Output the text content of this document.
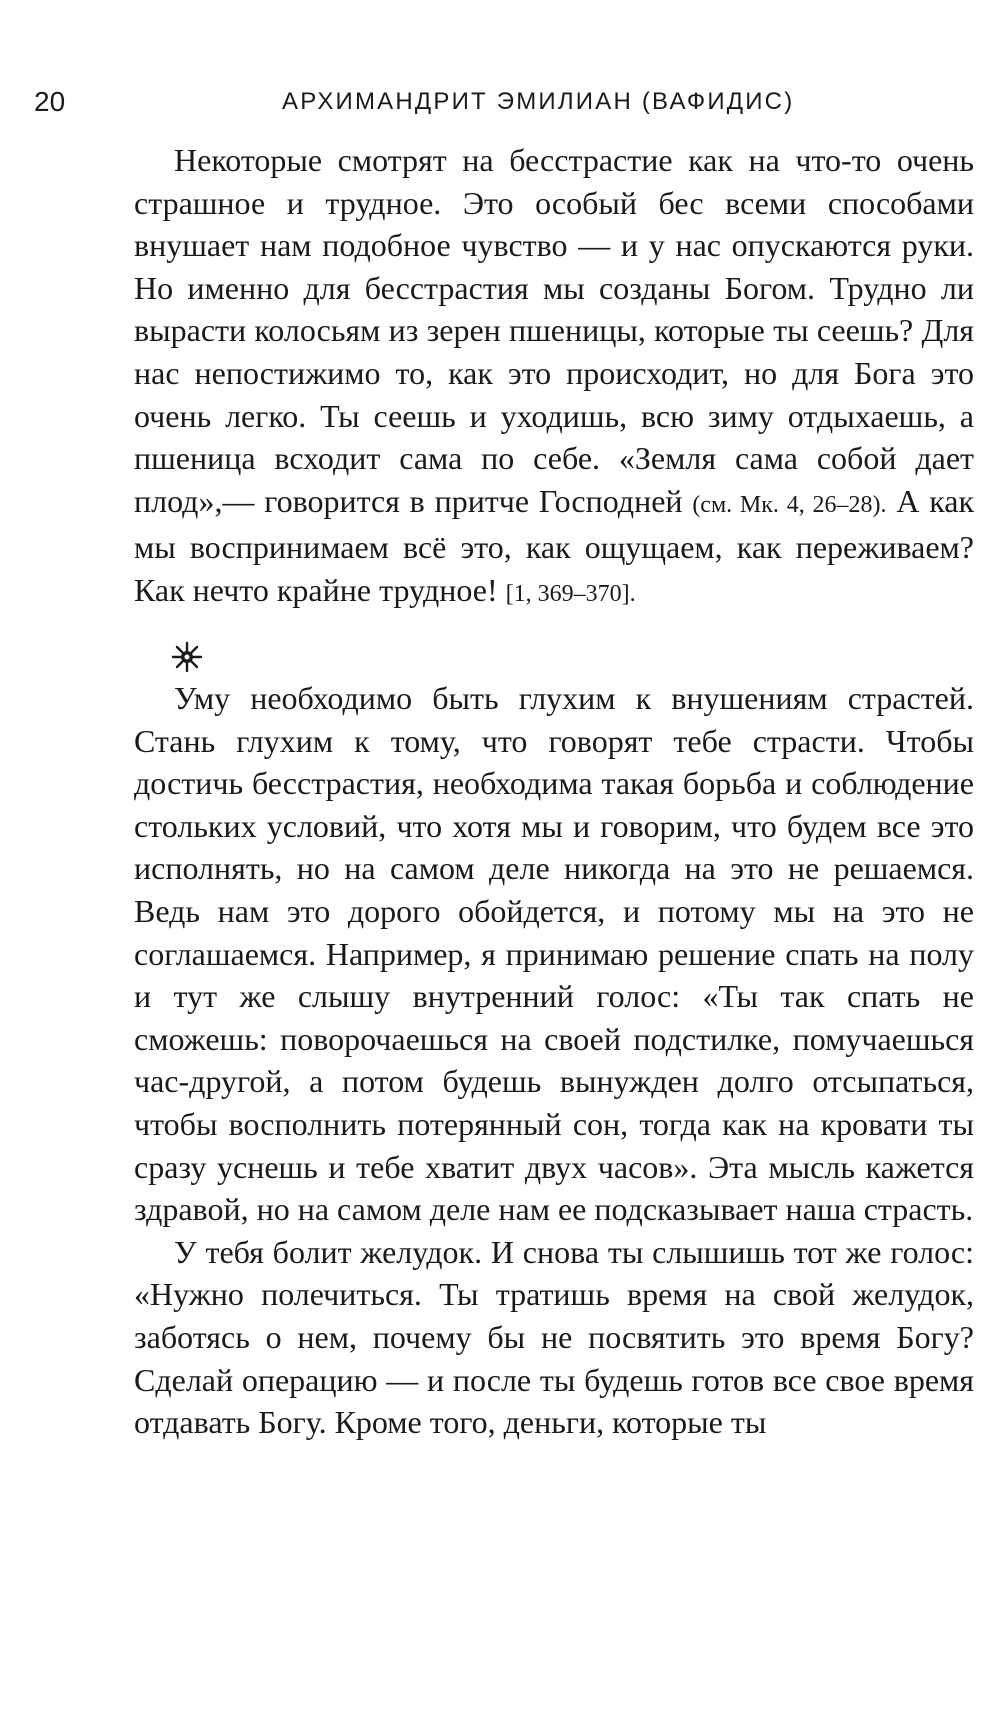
20	АРХИМАНДРИТ ЭМИЛИАН (ВАФИДИС)

Некоторые смотрят на бесстрастие как на что-то очень страшное и трудное. Это особый бес всеми способами внушает нам подобное чувство — и у нас опускаются руки. Но именно для бесстрастия мы созданы Богом. Трудно ли вырасти колосьям из зерен пшеницы, которые ты сеешь? Для нас непостижимо то, как это происходит, но для Бога это очень легко. Ты сеешь и уходишь, всю зиму отдыхаешь, а пшеница всходит сама по себе. «Земля сама собой дает плод»,— говорится в притче Господней (см. Мк. 4, 26–28). А как мы воспринимаем всё это, как ощущаем, как переживаем? Как нечто крайне трудное! [1, 369–370].

Уму необходимо быть глухим к внушениям страстей. Стань глухим к тому, что говорят тебе страсти. Чтобы достичь бесстрастия, необходима такая борьба и соблюдение стольких условий, что хотя мы и говорим, что будем все это исполнять, но на самом деле никогда на это не решаемся. Ведь нам это дорого обойдется, и потому мы на это не соглашаемся. Например, я принимаю решение спать на полу и тут же слышу внутренний голос: «Ты так спать не сможешь: поворочаешься на своей подстилке, помучаешься час-другой, а потом будешь вынужден долго отсыпаться, чтобы восполнить потерянный сон, тогда как на кровати ты сразу уснешь и тебе хватит двух часов». Эта мысль кажется здравой, но на самом деле нам ее подсказывает наша страсть.

У тебя болит желудок. И снова ты слышишь тот же голос: «Нужно полечиться. Ты тратишь время на свой желудок, заботясь о нем, почему бы не посвятить это время Богу? Сделай операцию — и после ты будешь готов все свое время отдавать Богу. Кроме того, деньги, которые ты
